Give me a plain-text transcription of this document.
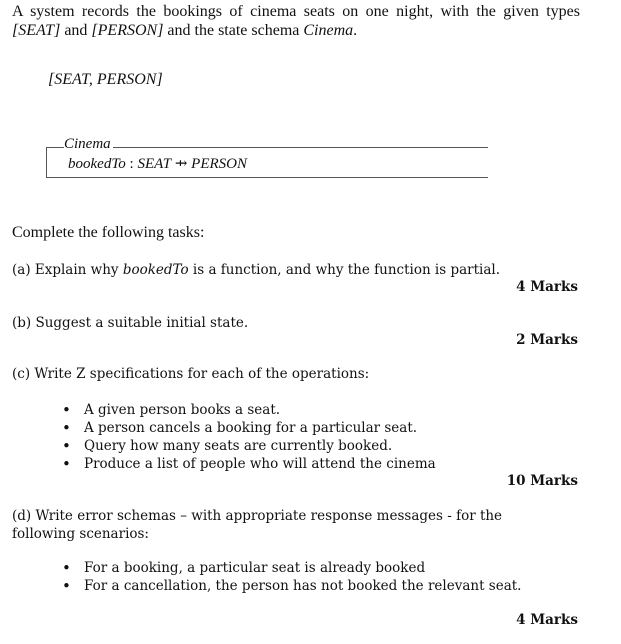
A system records the bookings of cinema seats on one night, with the given types [SEAT] and [PERSON] and the state schema Cinema.
[SEAT, PERSON]
Cinema
bookedTo : SEAT ⇸ PERSON
Complete the following tasks:
(a) Explain why bookedTo is a function, and why the function is partial.
4 Marks
(b) Suggest a suitable initial state.
2 Marks
(c) Write Z specifications for each of the operations:
• A given person books a seat.
• A person cancels a booking for a particular seat.
• Query how many seats are currently booked.
• Produce a list of people who will attend the cinema
10 Marks
(d) Write error schemas – with appropriate response messages - for the following scenarios:
• For a booking, a particular seat is already booked
• For a cancellation, the person has not booked the relevant seat.
4 Marks
